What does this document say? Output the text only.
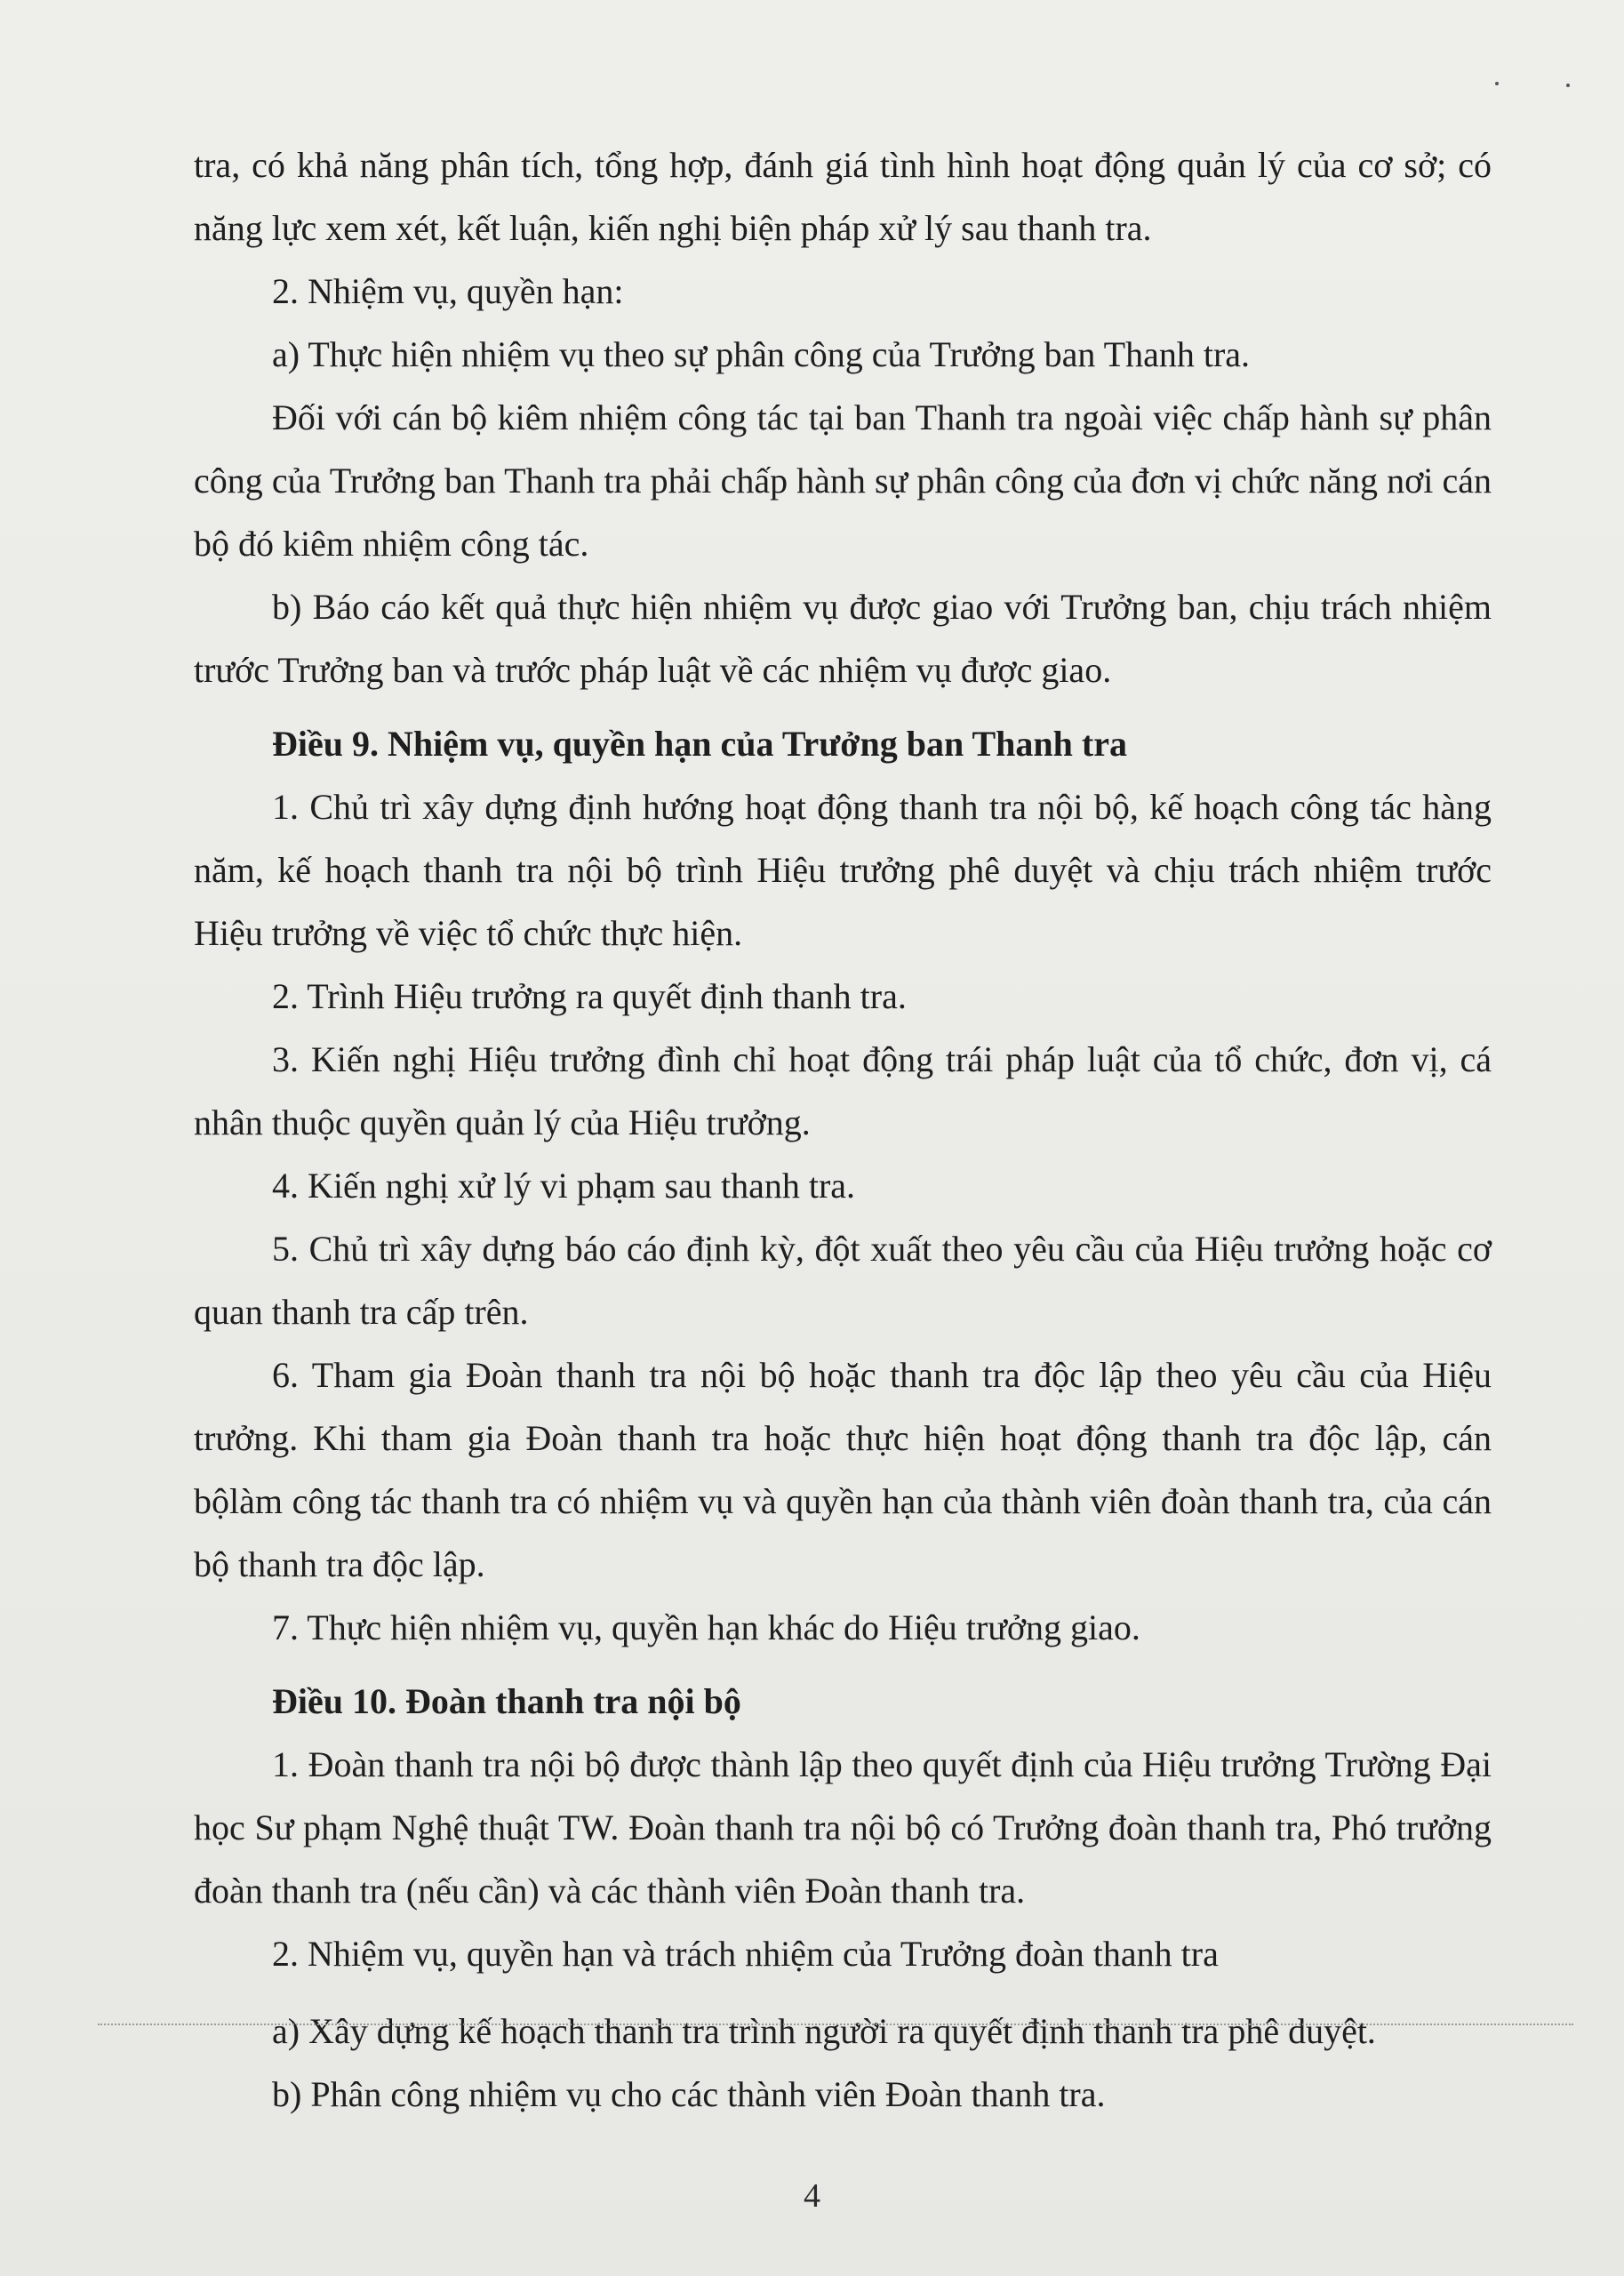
tra, có khả năng phân tích, tổng hợp, đánh giá tình hình hoạt động quản lý của cơ sở; có năng lực xem xét, kết luận, kiến nghị biện pháp xử lý sau thanh tra.

2. Nhiệm vụ, quyền hạn:

a) Thực hiện nhiệm vụ theo sự phân công của Trưởng ban Thanh tra.

Đối với cán bộ kiêm nhiệm công tác tại ban Thanh tra ngoài việc chấp hành sự phân công của Trưởng ban Thanh tra phải chấp hành sự phân công của đơn vị chức năng nơi cán bộ đó kiêm nhiệm công tác.

b) Báo cáo kết quả thực hiện nhiệm vụ được giao với Trưởng ban, chịu trách nhiệm trước Trưởng ban và trước pháp luật về các nhiệm vụ được giao.

Điều 9. Nhiệm vụ, quyền hạn của Trưởng ban Thanh tra

1. Chủ trì xây dựng định hướng hoạt động thanh tra nội bộ, kế hoạch công tác hàng năm, kế hoạch thanh tra nội bộ trình Hiệu trưởng phê duyệt và chịu trách nhiệm trước Hiệu trưởng về việc tổ chức thực hiện.

2. Trình Hiệu trưởng ra quyết định thanh tra.

3. Kiến nghị Hiệu trưởng đình chỉ hoạt động trái pháp luật của tổ chức, đơn vị, cá nhân thuộc quyền quản lý của Hiệu trưởng.

4. Kiến nghị xử lý vi phạm sau thanh tra.

5. Chủ trì xây dựng báo cáo định kỳ, đột xuất theo yêu cầu của Hiệu trưởng hoặc cơ quan thanh tra cấp trên.

6. Tham gia Đoàn thanh tra nội bộ hoặc thanh tra độc lập theo yêu cầu của Hiệu trưởng. Khi tham gia Đoàn thanh tra hoặc thực hiện hoạt động thanh tra độc lập, cán bộlàm công tác thanh tra có nhiệm vụ và quyền hạn của thành viên đoàn thanh tra, của cán bộ thanh tra độc lập.

7. Thực hiện nhiệm vụ, quyền hạn khác do Hiệu trưởng giao.

Điều 10. Đoàn thanh tra nội bộ

1. Đoàn thanh tra nội bộ được thành lập theo quyết định của Hiệu trưởng Trường Đại học Sư phạm Nghệ thuật TW. Đoàn thanh tra nội bộ có Trưởng đoàn thanh tra, Phó trưởng đoàn thanh tra (nếu cần) và các thành viên Đoàn thanh tra.

2. Nhiệm vụ, quyền hạn và trách nhiệm của Trưởng đoàn thanh tra

a) Xây dựng kế hoạch thanh tra trình người ra quyết định thanh tra phê duyệt.

b) Phân công nhiệm vụ cho các thành viên Đoàn thanh tra.

4
